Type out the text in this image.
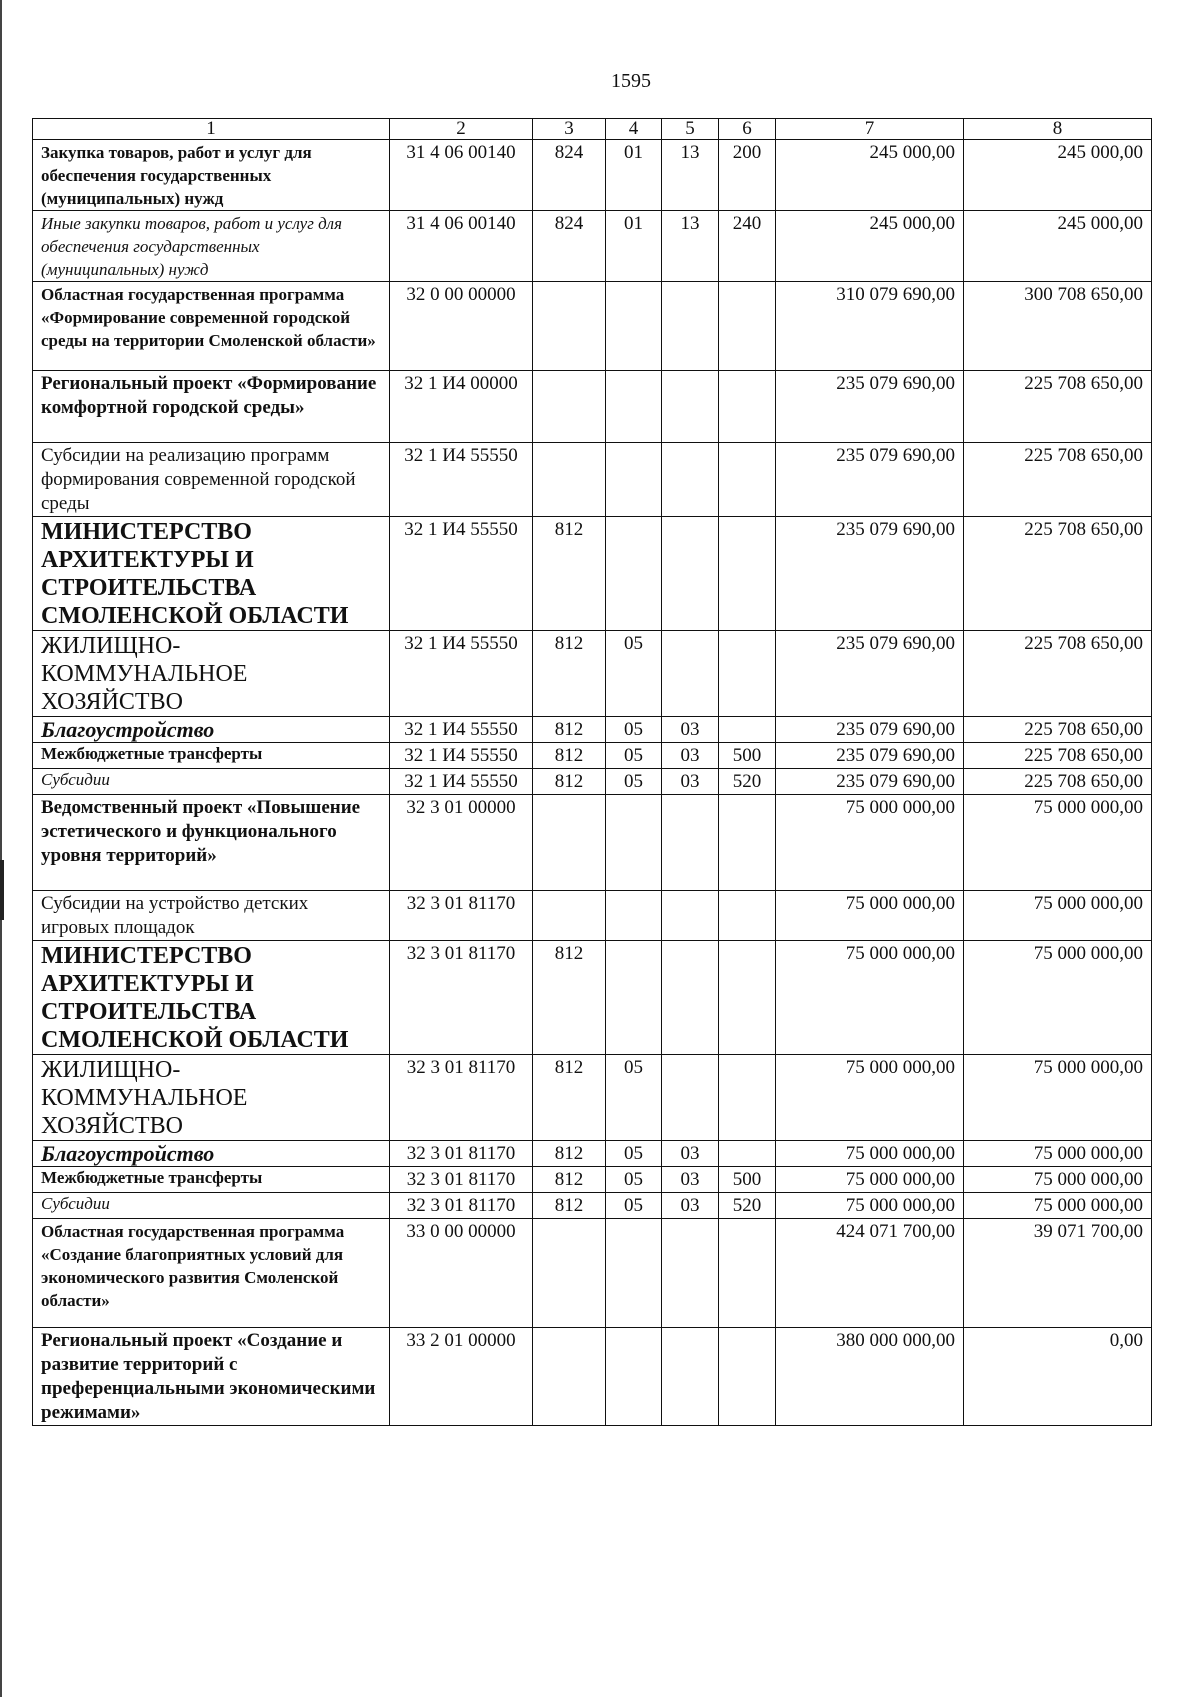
1595
1	2	3	4	5	6	7	8
Закупка товаров, работ и услуг для обеспечения государственных (муниципальных) нужд	31 4 06 00140	824	01	13	200	245 000,00	245 000,00
Иные закупки товаров, работ и услуг для обеспечения государственных (муниципальных) нужд	31 4 06 00140	824	01	13	240	245 000,00	245 000,00
Областная государственная программа «Формирование современной городской среды на территории Смоленской области»	32 0 00 00000					310 079 690,00	300 708 650,00
Региональный проект «Формирование комфортной городской среды»	32 1 И4 00000					235 079 690,00	225 708 650,00
Субсидии на реализацию программ формирования современной городской среды	32 1 И4 55550					235 079 690,00	225 708 650,00
МИНИСТЕРСТВО АРХИТЕКТУРЫ И СТРОИТЕЛЬСТВА СМОЛЕНСКОЙ ОБЛАСТИ	32 1 И4 55550	812				235 079 690,00	225 708 650,00
ЖИЛИЩНО-КОММУНАЛЬНОЕ ХОЗЯЙСТВО	32 1 И4 55550	812	05			235 079 690,00	225 708 650,00
Благоустройство	32 1 И4 55550	812	05	03		235 079 690,00	225 708 650,00
Межбюджетные трансферты	32 1 И4 55550	812	05	03	500	235 079 690,00	225 708 650,00
Субсидии	32 1 И4 55550	812	05	03	520	235 079 690,00	225 708 650,00
Ведомственный проект «Повышение эстетического и функционального уровня территорий»	32 3 01 00000					75 000 000,00	75 000 000,00
Субсидии на устройство детских игровых площадок	32 3 01 81170					75 000 000,00	75 000 000,00
МИНИСТЕРСТВО АРХИТЕКТУРЫ И СТРОИТЕЛЬСТВА СМОЛЕНСКОЙ ОБЛАСТИ	32 3 01 81170	812				75 000 000,00	75 000 000,00
ЖИЛИЩНО-КОММУНАЛЬНОЕ ХОЗЯЙСТВО	32 3 01 81170	812	05			75 000 000,00	75 000 000,00
Благоустройство	32 3 01 81170	812	05	03		75 000 000,00	75 000 000,00
Межбюджетные трансферты	32 3 01 81170	812	05	03	500	75 000 000,00	75 000 000,00
Субсидии	32 3 01 81170	812	05	03	520	75 000 000,00	75 000 000,00
Областная государственная программа «Создание благоприятных условий для экономического развития Смоленской области»	33 0 00 00000					424 071 700,00	39 071 700,00
Региональный проект «Создание и развитие территорий с преференциальными экономическими режимами»	33 2 01 00000					380 000 000,00	0,00
